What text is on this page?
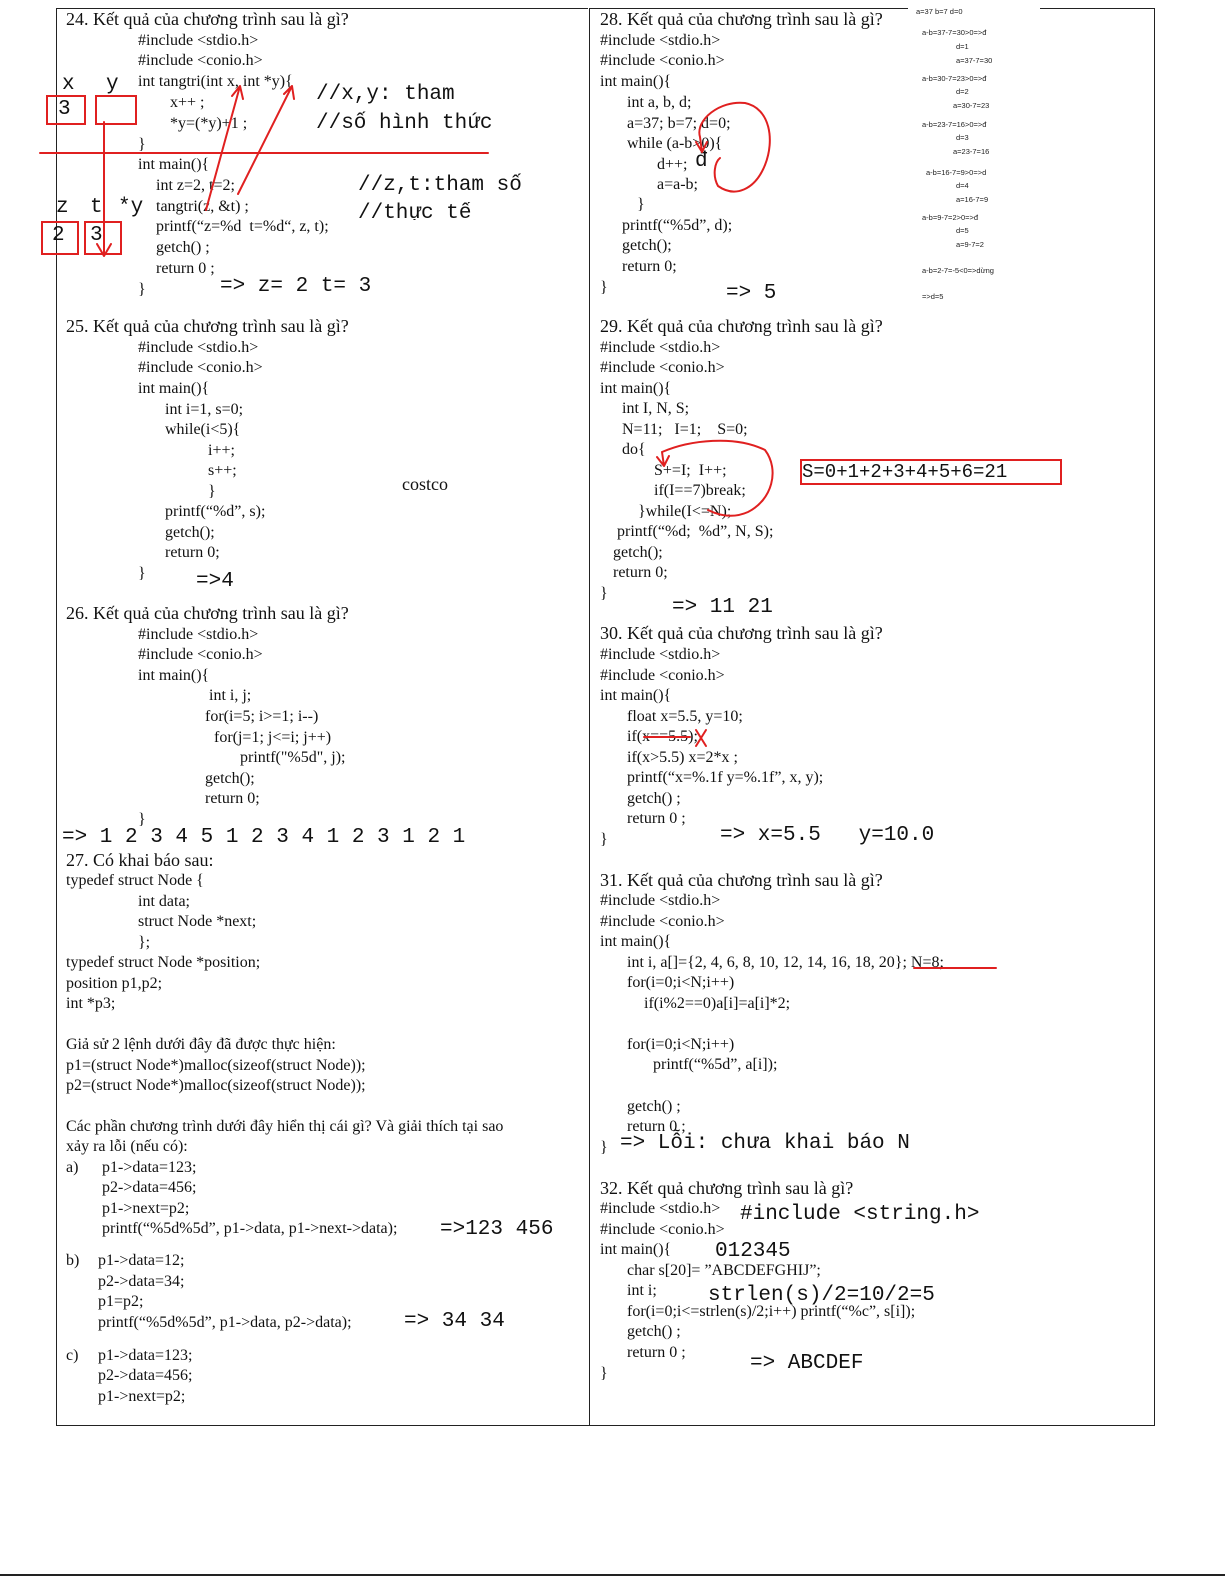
24. Kết quả của chương trình sau là gì?
#include <stdio.h>
#include <conio.h>
int tangtri(int x, int *y){
x++ ;
*y=(*y)+1 ;
}
int main(){
int z=2, t=2;
tangtri(z, &t) ;
printf(“z=%d  t=%d“, z, t);
getch() ;
return 0 ;
}
//x,y: tham
//số hình thức
//z,t:tham số
//thực tế
x y
3
z t *y
2 3
=> z= 2 t= 3
25. Kết quả của chương trình sau là gì?
#include <stdio.h>
#include <conio.h>
int main(){
int i=1, s=0;
while(i<5){
i++;
s++;
}
printf(“%d”, s);
getch();
return 0;
}
costco
=>4
26. Kết quả của chương trình sau là gì?
#include <stdio.h>
#include <conio.h>
int main(){
int i, j;
for(i=5; i>=1; i--)
for(j=1; j<=i; j++)
printf("%5d", j);
getch();
return 0;
}
=> 1 2 3 4 5 1 2 3 4 1 2 3 1 2 1
27. Có khai báo sau:
typedef struct Node {
int data;
struct Node *next;
};
typedef struct Node *position;
position p1,p2;
int *p3;
Giả sử 2 lệnh dưới đây đã được thực hiện:
p1=(struct Node*)malloc(sizeof(struct Node));
p2=(struct Node*)malloc(sizeof(struct Node));
Các phần chương trình dưới đây hiển thị cái gì? Và giải thích tại sao
xảy ra lỗi (nếu có):
a) p1->data=123;
p2->data=456;
p1->next=p2;
printf(“%5d%5d”, p1->data, p1->next->data); =>123 456
b) p1->data=12;
p2->data=34;
p1=p2;
printf(“%5d%5d”, p1->data, p2->data); => 34 34
c) p1->data=123;
p2->data=456;
p1->next=p2;
28. Kết quả của chương trình sau là gì?
#include <stdio.h>
#include <conio.h>
int main(){
int a, b, d;
a=37; b=7; d=0;
while (a-b>0){
d++;
a=a-b;
}
printf(“%5d”, d);
getch();
return 0;
}
đ
=> 5
a=37 b=7 d=0
a-b=37-7=30>0=>đ
d=1
a=37-7=30
a-b=30-7=23>0=>đ
d=2
a=30-7=23
a-b=23-7=16>0=>đ
d=3
a=23-7=16
a-b=16-7=9>0=>d
d=4
a=16-7=9
a-b=9-7=2>0=>đ
d=5
a=9-7=2
a-b=2-7=-5<0=>dừng
=>d=5
29. Kết quả của chương trình sau là gì?
#include <stdio.h>
#include <conio.h>
int main(){
int I, N, S;
N=11;   I=1;    S=0;
do{
S+=I;  I++;
if(I==7)break;
}while(I<=N);
printf(“%d;  %d”, N, S);
getch();
return 0;
}
S=0+1+2+3+4+5+6=21
=> 11 21
30. Kết quả của chương trình sau là gì?
#include <stdio.h>
#include <conio.h>
int main(){
float x=5.5, y=10;
if(x==5.5);
if(x>5.5) x=2*x ;
printf(“x=%.1f y=%.1f”, x, y);
getch() ;
return 0 ;
}	=> x=5.5   y=10.0
31. Kết quả của chương trình sau là gì?
#include <stdio.h>
#include <conio.h>
int main(){
int i, a[]={2, 4, 6, 8, 10, 12, 14, 16, 18, 20}; N=8;
for(i=0;i<N;i++)
if(i%2==0)a[i]=a[i]*2;
for(i=0;i<N;i++)
printf(“%5d”, a[i]);
getch() ;
return 0 ;
} => Lỗi: chưa khai báo N
32. Kết quả chương trình sau là gì?
#include <stdio.h>
#include <conio.h>
int main(){
char s[20]= ”ABCDEFGHIJ”;
int i;
for(i=0;i<=strlen(s)/2;i++) printf(“%c”, s[i]);
getch() ;
return 0 ;
}
#include <string.h>
012345
strlen(s)/2=10/2=5
=> ABCDEF
